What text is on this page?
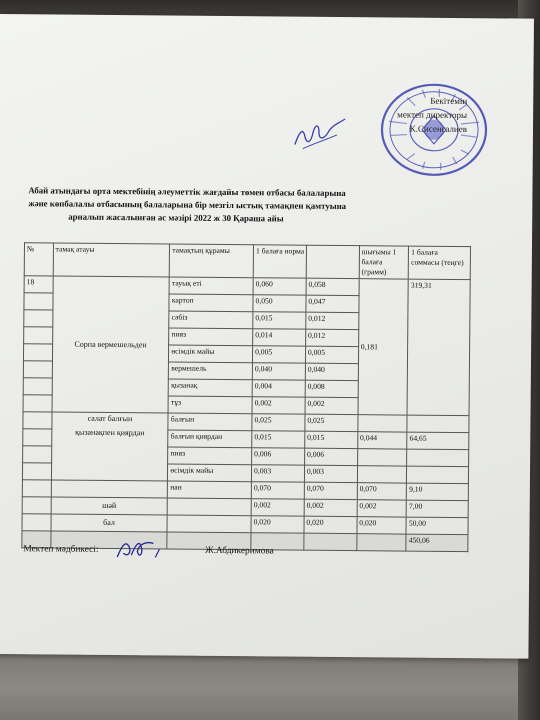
Бекітемін
мектеп директоры
К.Сисенғалиев
Абай атындағы орта мектебінің әлеуметтік жағдайы төмен отбасы балаларына
және көпбалалы отбасының балаларына бір мезгіл ыстық тамақпен қамтуына
арналып жасалынған ас мәзірі 2022 ж 30 Қараша айы
№	тамақ атауы	тамақтың құрамы	1 балаға норма		шығымы 1 балаға (грамм)	1 балаға соммасы (теңге)
18	Сорпа вермешельден	тауық еті	0,060	0,058	0,181	319,31
		картоп	0,050	0,047		
		сәбіз	0,015	0,012		
		пияз	0,014	0,012		
		өсімдік майы	0,005	0,005		
		вермешель	0,040	0,040		
		қызанақ	0,004	0,008		
		тұз	0,002	0,002		

	салат балғын
қызанақпен қиярдан	балғын	0,025	0,025		
		балғын қиярдан	0,015	0,015	0,044	64,65
		пияз	0,006	0,006		
		өсімдік майы	0,003	0,003		
		нан	0,070	0,070	0,070	9,10
	шәй		0,002	0,002	0,002	7,00
	бал		0,020	0,020	0,020	50,00
						450,06
Мектеп мәдбикесі:	Ж.Абдикеримова
